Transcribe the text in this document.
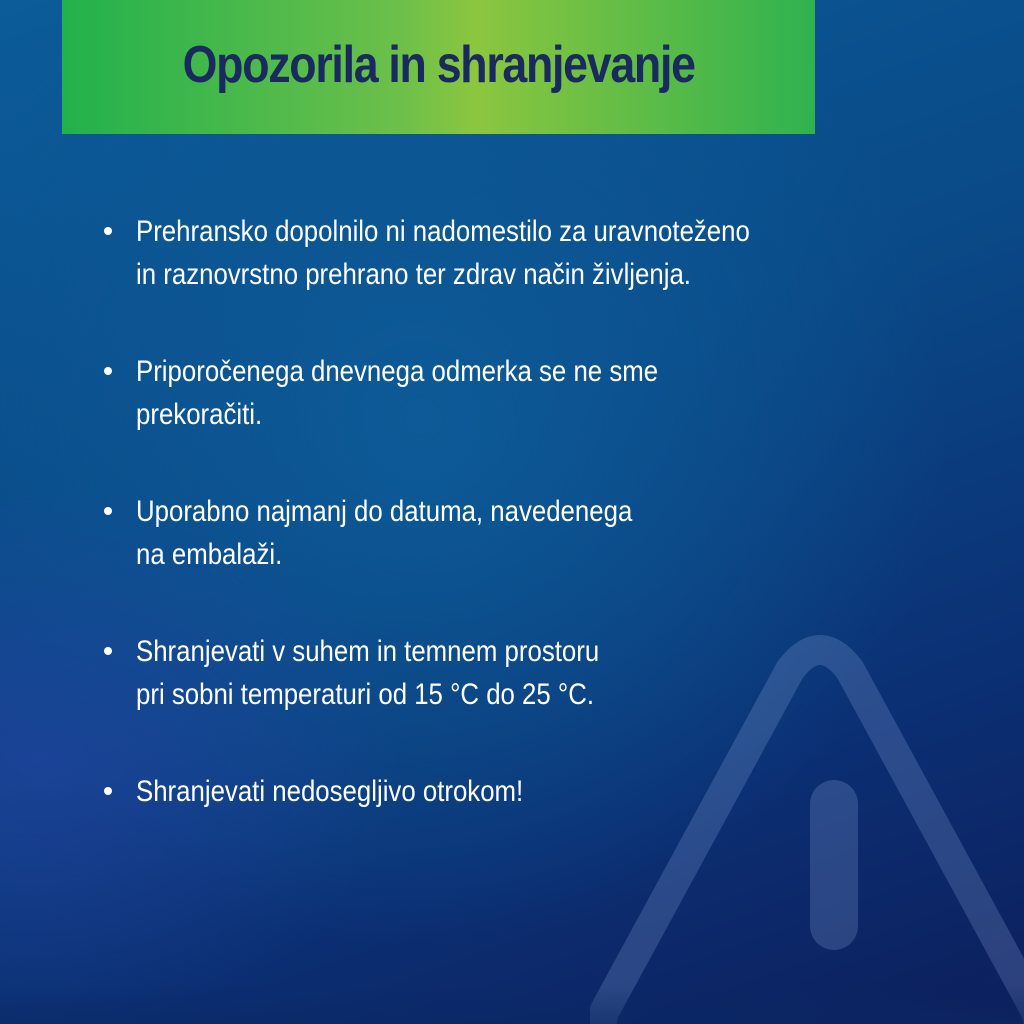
Opozorila in shranjevanje
Prehransko dopolnilo ni nadomestilo za uravnoteženo
in raznovrstno prehrano ter zdrav način življenja.
Priporočenega dnevnega odmerka se ne sme
prekoračiti.
Uporabno najmanj do datuma, navedenega
na embalaži.
Shranjevati v suhem in temnem prostoru
pri sobni temperaturi od 15 °C do 25 °C.
Shranjevati nedosegljivo otrokom!
